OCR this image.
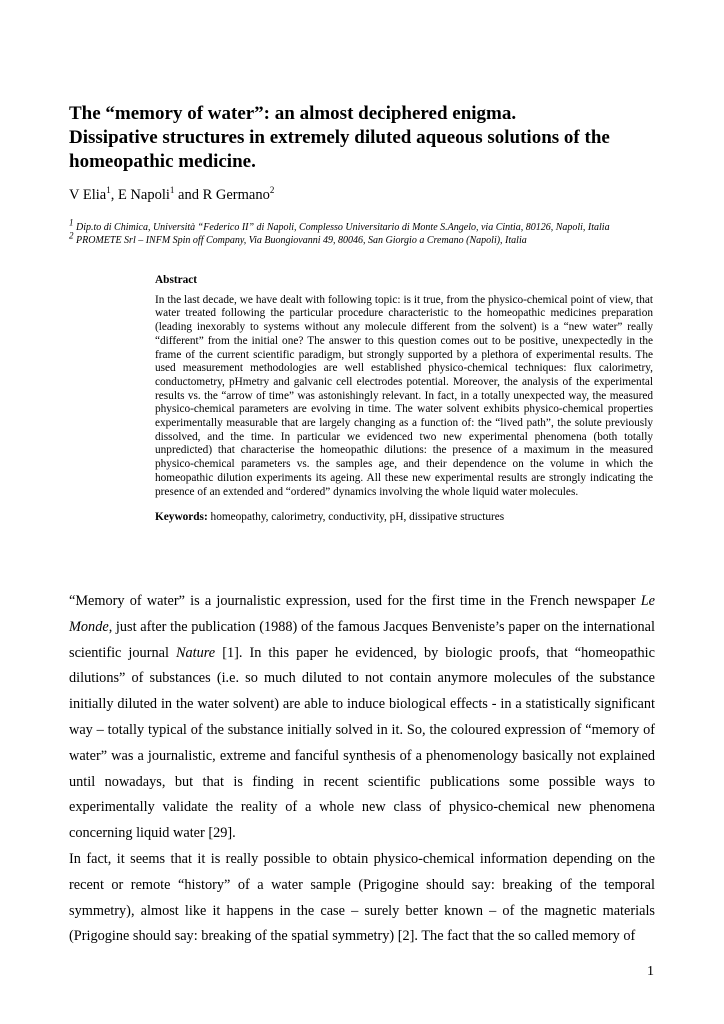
The “memory of water”: an almost deciphered enigma.
Dissipative structures in extremely diluted aqueous solutions of the
homeopathic medicine.
V Elia$^1$, E Napoli$^1$ and R Germano$^2$
$^1$ Dip.to di Chimica, Università “Federico II” di Napoli, Complesso Universitario di Monte S.Angelo, via Cintia, 80126, Napoli, Italia
$^2$ PROMETE Srl – INFM Spin off Company, Via Buongiovanni 49, 80046, San Giorgio a Cremano (Napoli), Italia
Abstract

In the last decade, we have dealt with following topic: is it true, from the physico-chemical point of view, that water treated following the particular procedure characteristic to the homeopathic medicines preparation (leading inexorably to systems without any molecule different from the solvent) is a “new water” really “different” from the initial one? The answer to this question comes out to be positive, unexpectedly in the frame of the current scientific paradigm, but strongly supported by a plethora of experimental results. The used measurement methodologies are well established physico-chemical techniques: flux calorimetry, conductometry, pHmetry and galvanic cell electrodes potential. Moreover, the analysis of the experimental results vs. the “arrow of time” was astonishingly relevant. In fact, in a totally unexpected way, the measured physico-chemical parameters are evolving in time. The water solvent exhibits physico-chemical properties experimentally measurable that are largely changing as a function of: the “lived path”, the solute previously dissolved, and the time. In particular we evidenced two new experimental phenomena (both totally unpredicted) that characterise the homeopathic dilutions: the presence of a maximum in the measured physico-chemical parameters vs. the samples age, and their dependence on the volume in which the homeopathic dilution experiments its ageing. All these new experimental results are strongly indicating the presence of an extended and “ordered” dynamics involving the whole liquid water molecules.

Keywords: homeopathy, calorimetry, conductivity, pH, dissipative structures

“Memory of water” is a journalistic expression, used for the first time in the French newspaper Le Monde, just after the publication (1988) of the famous Jacques Benveniste’s paper on the international scientific journal Nature [1]. In this paper he evidenced, by biologic proofs, that “homeopathic dilutions” of substances (i.e. so much diluted to not contain anymore molecules of the substance initially diluted in the water solvent) are able to induce biological effects - in a statistically significant way – totally typical of the substance initially solved in it. So, the coloured expression of “memory of water” was a journalistic, extreme and fanciful synthesis of a phenomenology basically not explained until nowadays, but that is finding in recent scientific publications some possible ways to experimentally validate the reality of a whole new class of physico-chemical new phenomena concerning liquid water [29].

In fact, it seems that it is really possible to obtain physico-chemical information depending on the recent or remote “history” of a water sample (Prigogine should say: breaking of the temporal symmetry), almost like it happens in the case – surely better known – of the magnetic materials (Prigogine should say: breaking of the spatial symmetry) [2]. The fact that the so called memory of

1
